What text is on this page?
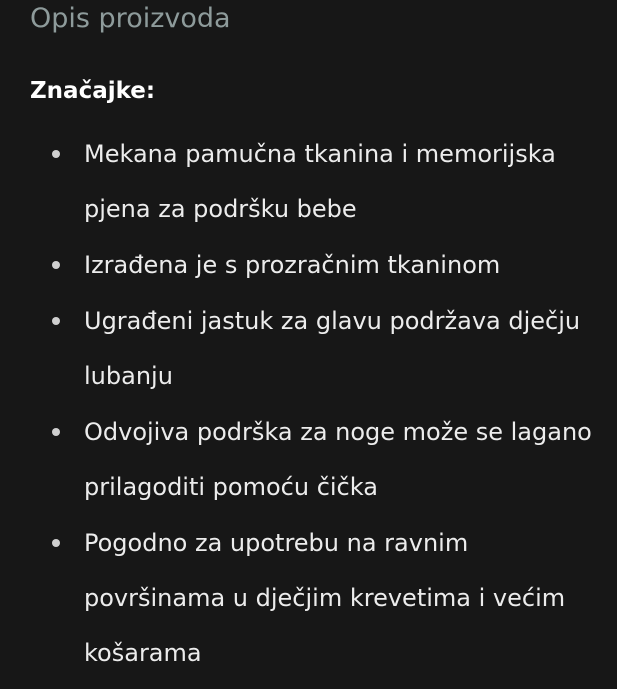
Opis proizvoda
Značajke:
Mekana pamučna tkanina i memorijska pjena za podršku bebe
Izrađena je s prozračnim tkaninom
Ugrađeni jastuk za glavu podržava dječju lubanju
Odvojiva podrška za noge može se lagano prilagoditi pomoću čička
Pogodno za upotrebu na ravnim površinama u dječjim krevetima i većim košarama
